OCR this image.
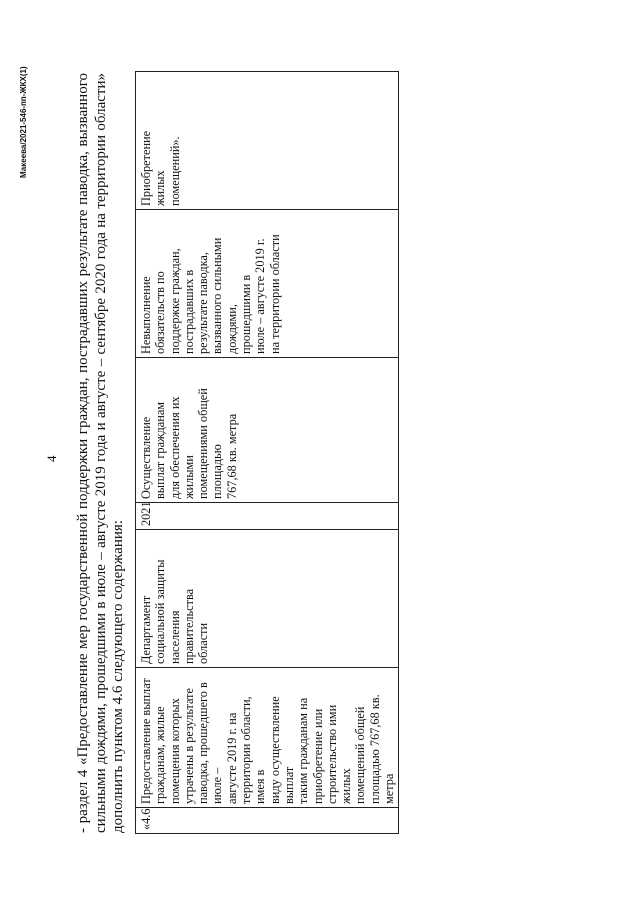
4
Макеева/2021-546-пп-ЖКХ(1)	- раздел 4 «Предоставление мер государственной поддержки граждан, пострадавших результате паводка, вызванного сильными дождями, прошедшими в июле – августе 2019 года и августе – сентябре 2020 года на территории области» дополнить пунктом 4.6 следующего содержания: «4.6	Предоставление выплат
гражданам, жилые
помещения которых
утрачены в результате
паводка, прошедшего в
июле –
августе 2019 г. на
территории области, имея в
виду осуществление выплат
таким гражданам на
приобретение или
строительство ими жилых
помещений общей
площадью 767,68 кв. метра	Департамент
социальной защиты
населения
правительства
области	2021	Осуществление
выплат гражданам
для обеспечения их
жилыми
помещениями общей
площадью
767,68 кв. метра	Невыполнение
обязательств по
поддержке граждан,
пострадавших в
результате паводка,
вызванного сильными
дождями,
прошедшими в
июле – августе 2019 г.
на территории области	Приобретение
жилых
помещений».
